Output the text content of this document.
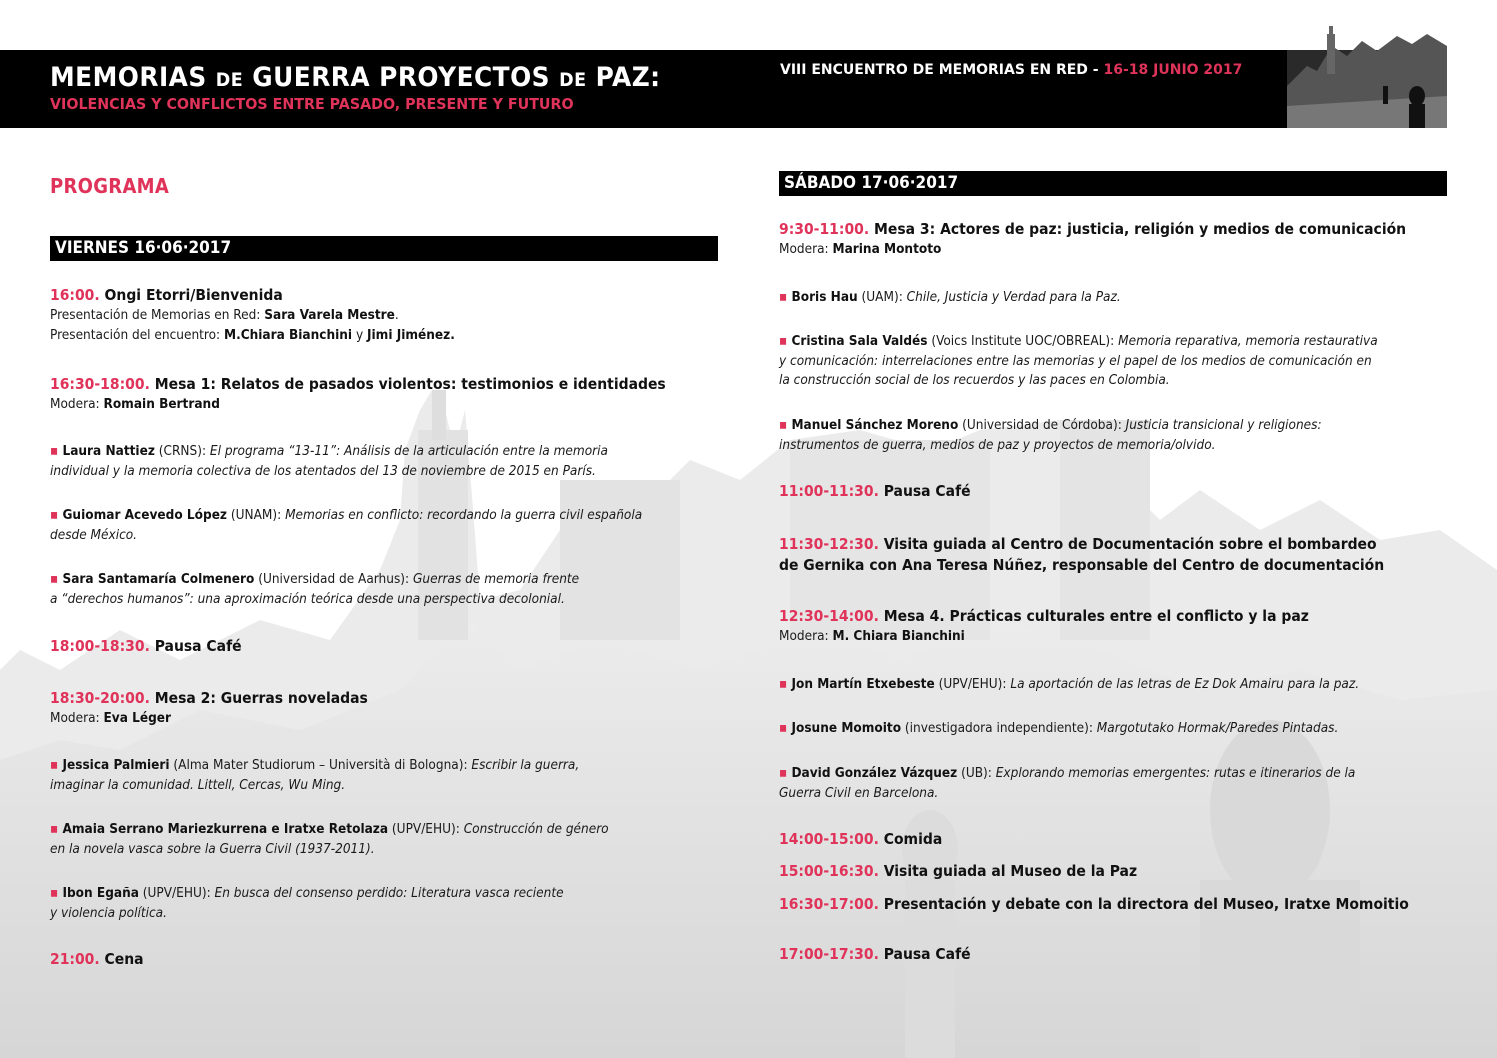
MEMORIAS DE GUERRA PROYECTOS DE PAZ:
VIOLENCIAS Y CONFLICTOS ENTRE PASADO, PRESENTE Y FUTURO
VIII ENCUENTRO DE MEMORIAS EN RED - 16-18 JUNIO 2017
PROGRAMA
VIERNES 16·06·2017
16:00. Ongi Etorri/Bienvenida
Presentación de Memorias en Red: Sara Varela Mestre.
Presentación del encuentro: M.Chiara Bianchini y Jimi Jiménez.
16:30-18:00. Mesa 1: Relatos de pasados violentos: testimonios e identidades
Modera: Romain Bertrand
▪ Laura Nattiez (CRNS): El programa “13-11”: Análisis de la articulación entre la memoria
individual y la memoria colectiva de los atentados del 13 de noviembre de 2015 en París.
▪ Guiomar Acevedo López (UNAM): Memorias en conflicto: recordando la guerra civil española
desde México.
▪ Sara Santamaría Colmenero (Universidad de Aarhus): Guerras de memoria frente
a “derechos humanos”: una aproximación teórica desde una perspectiva decolonial.
18:00-18:30. Pausa Café
18:30-20:00. Mesa 2: Guerras noveladas
Modera: Eva Léger
▪ Jessica Palmieri (Alma Mater Studiorum – Università di Bologna): Escribir la guerra,
imaginar la comunidad. Littell, Cercas, Wu Ming.
▪ Amaia Serrano Mariezkurrena e Iratxe Retolaza (UPV/EHU): Construcción de género
en la novela vasca sobre la Guerra Civil (1937-2011).
▪ Ibon Egaña (UPV/EHU): En busca del consenso perdido: Literatura vasca reciente
y violencia política.
21:00. Cena
SÁBADO 17·06·2017
9:30-11:00. Mesa 3: Actores de paz: justicia, religión y medios de comunicación
Modera: Marina Montoto
▪ Boris Hau (UAM): Chile, Justicia y Verdad para la Paz.
▪ Cristina Sala Valdés (Voics Institute UOC/OBREAL): Memoria reparativa, memoria restaurativa
y comunicación: interrelaciones entre las memorias y el papel de los medios de comunicación en
la construcción social de los recuerdos y las paces en Colombia.
▪ Manuel Sánchez Moreno (Universidad de Córdoba): Justicia transicional y religiones:
instrumentos de guerra, medios de paz y proyectos de memoria/olvido.
11:00-11:30. Pausa Café
11:30-12:30. Visita guiada al Centro de Documentación sobre el bombardeo
de Gernika con Ana Teresa Núñez, responsable del Centro de documentación
12:30-14:00. Mesa 4. Prácticas culturales entre el conflicto y la paz
Modera: M. Chiara Bianchini
▪ Jon Martín Etxebeste (UPV/EHU): La aportación de las letras de Ez Dok Amairu para la paz.
▪ Josune Momoito (investigadora independiente): Margotutako Hormak/Paredes Pintadas.
▪ David González Vázquez (UB): Explorando memorias emergentes: rutas e itinerarios de la
Guerra Civil en Barcelona.
14:00-15:00. Comida
15:00-16:30. Visita guiada al Museo de la Paz
16:30-17:00. Presentación y debate con la directora del Museo, Iratxe Momoitio
17:00-17:30. Pausa Café
